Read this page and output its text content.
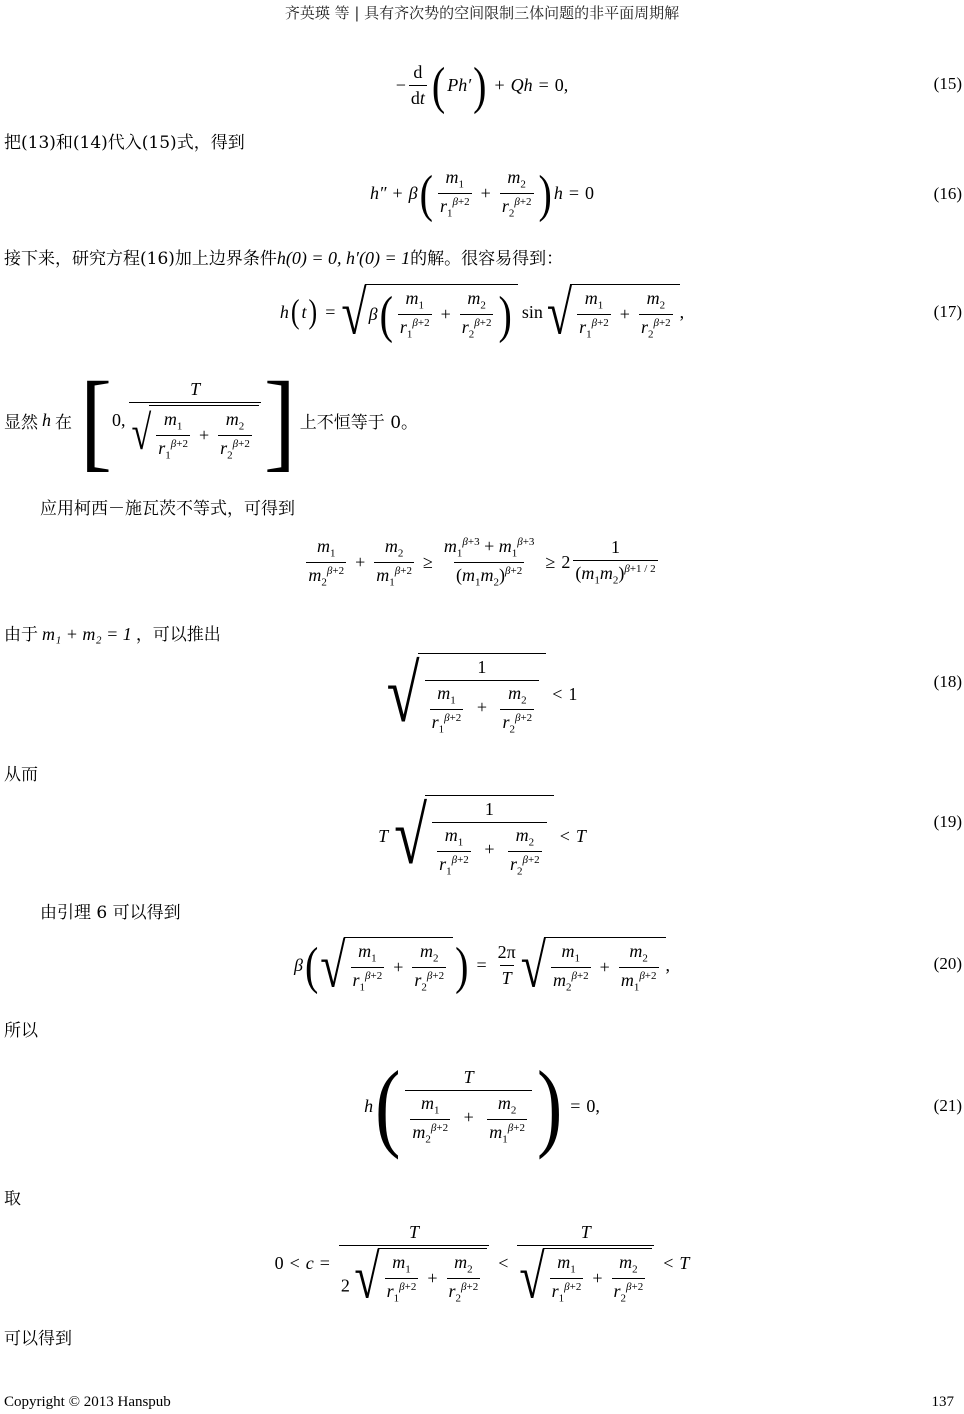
齐英瑛 等 | 具有齐次势的空间限制三体问题的非平面周期解
− $\frac{d}{dt}$ ( Ph′ ) + Qh = 0,	(15)
把(13)和(14)代入(15)式，得到
h″ + β ( $\frac{m_1}{r_1^{\beta+2}} + \frac{m_2}{r_2^{\beta+2}}$ ) h = 0	(16)
接下来，研究方程(16)加上边界条件h(0) = 0, h′(0) = 1的解。很容易得到：
h ( t ) = √ β ( $\frac{m_1}{r_1^{\beta+2}} + \frac{m_2}{r_2^{\beta+2}}$ ) sin √ $\frac{m_1}{r_1^{\beta+2}} + \frac{m_2}{r_2^{\beta+2}}$ ,	(17)
显然 h 在 [ 0, $\frac{T}{√ \frac{m_1}{r_1^{\beta+2}} + \frac{m_2}{r_2^{\beta+2}}}$ ] 上不恒等于 0。
应用柯西－施瓦茨不等式，可得到
$\frac{m_1}{m_2^{\beta+2}} + \frac{m_2}{m_1^{\beta+2}} \ge \frac{m_1^{\beta+3} + m_1^{\beta+3}}{(m_1m_2)^{\beta+2}} \ge 2 \frac{1}{(m_1m_2)^{\beta+1 / 2}}$
由于 m₁ + m₂ = 1 ，可以推出
√ $\frac{1}{\frac{m_1}{r_1^{\beta+2}} + \frac{m_2}{r_2^{\beta+2}}} < 1$
(18)
从而
T √ $\frac{1}{\frac{m_1}{r_1^{\beta+2}} + \frac{m_2}{r_2^{\beta+2}}} < T$
(19)
由引理 6 可以得到
β ( √ $\frac{m_1}{r_1^{\beta+2}} + \frac{m_2}{r_2^{\beta+2}}$ ) = $\frac{2\pi}{T}$ √ $\frac{m_1}{m_2^{\beta+2}} + \frac{m_2}{m_1^{\beta+2}}$ ,	(20)
所以
h ( $\frac{T}{\frac{m_1}{m_2^{\beta+2}} + \frac{m_2}{m_1^{\beta+2}}}$ ) = 0,	(21)
取
$0 < c = \frac{T}{2 √ \frac{m_1}{r_1^{\beta+2}} + \frac{m_2}{r_2^{\beta+2}}} < \frac{T}{√ \frac{m_1}{r_1^{\beta+2}} + \frac{m_2}{r_2^{\beta+2}}} < T$
可以得到
Copyright © 2013 Hanspub	137
